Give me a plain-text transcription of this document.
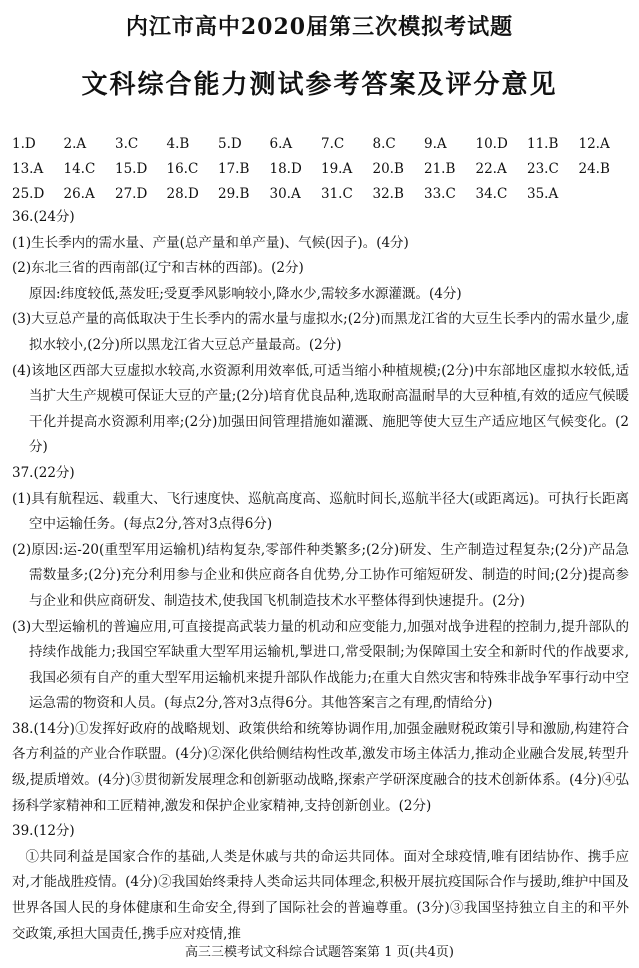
内江市高中2020届第三次模拟考试题
文科综合能力测试参考答案及评分意见
1.D	2.A	3.C	4.B	5.D	6.A	7.C	8.C	9.A	10.D	11.B	12.A
13.A	14.C	15.D	16.C	17.B	18.D	19.A	20.B	21.B	22.A	23.C	24.B
25.D	26.A	27.D	28.D	29.B	30.A	31.C	32.B	33.C	34.C	35.A

36.(24分)

(1)生长季内的需水量、产量(总产量和单产量)、气候(因子)。(4分)

(2)东北三省的西南部(辽宁和吉林的西部)。(2分)

原因:纬度较低,蒸发旺;受夏季风影响较小,降水少,需较多水源灌溉。(4分)

(3)大豆总产量的高低取决于生长季内的需水量与虚拟水;(2分)而黑龙江省的大豆生长季内的需水量少,虚拟水较小,(2分)所以黑龙江省大豆总产量最高。(2分)

(4)该地区西部大豆虚拟水较高,水资源利用效率低,可适当缩小种植规模;(2分)中东部地区虚拟水较低,适当扩大生产规模可保证大豆的产量;(2分)培育优良品种,选取耐高温耐旱的大豆种植,有效的适应气候暖干化并提高水资源利用率;(2分)加强田间管理措施如灌溉、施肥等使大豆生产适应地区气候变化。(2分)

37.(22分)

(1)具有航程远、载重大、飞行速度快、巡航高度高、巡航时间长,巡航半径大(或距离远)。可执行长距离空中运输任务。(每点2分,答对3点得6分)

(2)原因:运-20(重型军用运输机)结构复杂,零部件种类繁多;(2分)研发、生产制造过程复杂;(2分)产品急需数量多;(2分)充分利用参与企业和供应商各自优势,分工协作可缩短研发、制造的时间;(2分)提高参与企业和供应商研发、制造技术,使我国飞机制造技术水平整体得到快速提升。(2分)

(3)大型运输机的普遍应用,可直接提高武装力量的机动和应变能力,加强对战争进程的控制力,提升部队的持续作战能力;我国空军缺重大型军用运输机,掣进口,常受限制;为保障国土安全和新时代的作战要求,我国必须有自产的重大型军用运输机来提升部队作战能力;在重大自然灾害和特殊非战争军事行动中空运急需的物资和人员。(每点2分,答对3点得6分。其他答案言之有理,酌情给分)

38.(14分)①发挥好政府的战略规划、政策供给和统筹协调作用,加强金融财税政策引导和激励,构建符合各方利益的产业合作联盟。(4分)②深化供给侧结构性改革,激发市场主体活力,推动企业融合发展,转型升级,提质增效。(4分)③贯彻新发展理念和创新驱动战略,探索产学研深度融合的技术创新体系。(4分)④弘扬科学家精神和工匠精神,激发和保护企业家精神,支持创新创业。(2分)

39.(12分)

①共同利益是国家合作的基础,人类是休戚与共的命运共同体。面对全球疫情,唯有团结协作、携手应对,才能战胜疫情。(4分)②我国始终秉持人类命运共同体理念,积极开展抗疫国际合作与援助,维护中国及世界各国人民的身体健康和生命安全,得到了国际社会的普遍尊重。(3分)③我国坚持独立自主的和平外交政策,承担大国责任,携手应对疫情,推

高三三模考试文科综合试题答案第 1 页(共4页)
